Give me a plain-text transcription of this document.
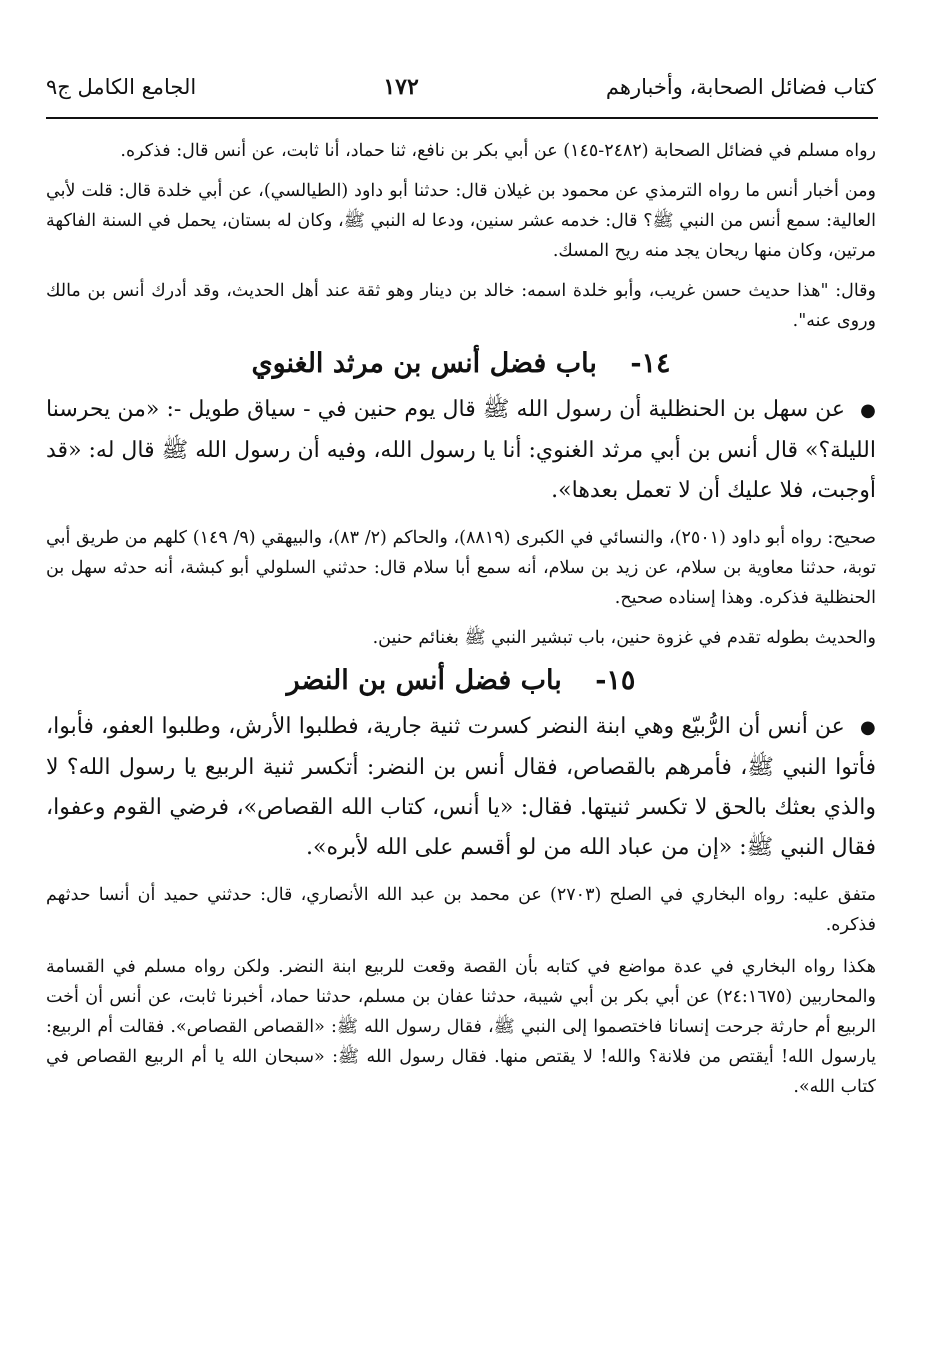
كتاب فضائل الصحابة، وأخبارهم
١٧٢
الجامع الكامل ج٩

رواه مسلم في فضائل الصحابة (٢٤٨٢-١٤٥) عن أبي بكر بن نافع، ثنا حماد، أنا ثابت، عن أنس قال: فذكره.

ومن أخبار أنس ما رواه الترمذي عن محمود بن غيلان قال: حدثنا أبو داود (الطيالسي)، عن أبي خلدة قال: قلت لأبي العالية: سمع أنس من النبي ﷺ؟ قال: خدمه عشر سنين، ودعا له النبي ﷺ، وكان له بستان، يحمل في السنة الفاكهة مرتين، وكان منها ريحان يجد منه ريح المسك.

وقال: "هذا حديث حسن غريب، وأبو خلدة اسمه: خالد بن دينار وهو ثقة عند أهل الحديث، وقد أدرك أنس بن مالك وروى عنه".

١٤- باب فضل أنس بن مرثد الغنوي

● عن سهل بن الحنظلية أن رسول الله ﷺ قال يوم حنين في - سياق طويل -: «من يحرسنا الليلة؟» قال أنس بن أبي مرثد الغنوي: أنا يا رسول الله، وفيه أن رسول الله ﷺ قال له: «قد أوجبت، فلا عليك أن لا تعمل بعدها».

صحيح: رواه أبو داود (٢٥٠١)، والنسائي في الكبرى (٨٨١٩)، والحاكم (٢/ ٨٣)، والبيهقي (٩/ ١٤٩) كلهم من طريق أبي توبة، حدثنا معاوية بن سلام، عن زيد بن سلام، أنه سمع أبا سلام قال: حدثني السلولي أبو كبشة، أنه حدثه سهل بن الحنظلية فذكره. وهذا إسناده صحيح.

والحديث بطوله تقدم في غزوة حنين، باب تبشير النبي ﷺ بغنائم حنين.

١٥- باب فضل أنس بن النضر

● عن أنس أن الرُّبيّع وهي ابنة النضر كسرت ثنية جارية، فطلبوا الأرش، وطلبوا العفو، فأبوا، فأتوا النبي ﷺ، فأمرهم بالقصاص، فقال أنس بن النضر: أتكسر ثنية الربيع يا رسول الله؟ لا والذي بعثك بالحق لا تكسر ثنيتها. فقال: «يا أنس، كتاب الله القصاص»، فرضي القوم وعفوا، فقال النبي ﷺ: «إن من عباد الله من لو أقسم على الله لأبره».

متفق عليه: رواه البخاري في الصلح (٢٧٠٣) عن محمد بن عبد الله الأنصاري، قال: حدثني حميد أن أنسا حدثهم فذكره.

هكذا رواه البخاري في عدة مواضع في كتابه بأن القصة وقعت للربيع ابنة النضر. ولكن رواه مسلم في القسامة والمحاربين (٢٤:١٦٧٥) عن أبي بكر بن أبي شيبة، حدثنا عفان بن مسلم، حدثنا حماد، أخبرنا ثابت، عن أنس أن أخت الربيع أم حارثة جرحت إنسانا فاختصموا إلى النبي ﷺ، فقال رسول الله ﷺ: «القصاص القصاص». فقالت أم الربيع: يارسول الله! أيقتص من فلانة؟ والله! لا يقتص منها. فقال رسول الله ﷺ: «سبحان الله يا أم الربيع القصاص في كتاب الله».
